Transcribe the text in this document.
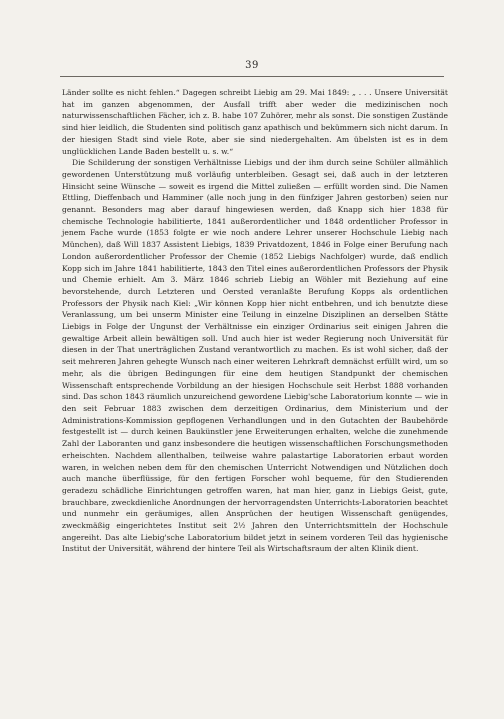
39

Länder sollte es nicht fehlen.“ Dagegen schreibt Liebig am 29. Mai 1849: „ . . . Unsere Universität hat im ganzen abgenommen, der Ausfall trifft aber weder die medizinischen noch naturwissenschaftlichen Fächer, ich z. B. habe 107 Zuhörer, mehr als sonst. Die sonstigen Zustände sind hier leidlich, die Studenten sind politisch ganz apathisch und bekümmern sich nicht darum. In der hiesigen Stadt sind viele Rote, aber sie sind niedergehalten. Am übelsten ist es in dem unglücklichen Lande Baden bestellt u. s. w.“

Die Schilderung der sonstigen Verhältnisse Liebigs und der ihm durch seine Schüler allmählich gewordenen Unterstützung muß vorläufig unterbleiben. Gesagt sei, daß auch in der letzteren Hinsicht seine Wünsche — soweit es irgend die Mittel zuließen — erfüllt worden sind. Die Namen Ettling, Dieffenbach und Hamminer (alle noch jung in den fünfziger Jahren gestorben) seien nur genannt. Besonders mag aber darauf hingewiesen werden, daß Knapp sich hier 1838 für chemische Technologie habilitierte, 1841 außerordentlicher und 1848 ordentlicher Professor in jenem Fache wurde (1853 folgte er wie noch andere Lehrer unserer Hochschule Liebig nach München), daß Will 1837 Assistent Liebigs, 1839 Privatdozent, 1846 in Folge einer Berufung nach London außerordentlicher Professor der Chemie (1852 Liebigs Nachfolger) wurde, daß endlich Kopp sich im Jahre 1841 habilitierte, 1843 den Titel eines außerordentlichen Professors der Physik und Chemie erhielt. Am 3. März 1846 schrieb Liebig an Wöhler mit Beziehung auf eine bevorstehende, durch Letzteren und Oersted veranlaßte Berufung Kopps als ordentlichen Professors der Physik nach Kiel: „Wir können Kopp hier nicht entbehren, und ich benutzte diese Veranlassung, um bei unserm Minister eine Teilung in einzelne Disziplinen an derselben Stätte Liebigs in Folge der Ungunst der Verhältnisse ein einziger Ordinarius seit einigen Jahren die gewaltige Arbeit allein bewältigen soll. Und auch hier ist weder Regierung noch Universität für diesen in der That unerträglichen Zustand verantwortlich zu machen. Es ist wohl sicher, daß der seit mehreren Jahren gehegte Wunsch nach einer weiteren Lehrkraft demnächst erfüllt wird, um so mehr, als die übrigen Bedingungen für eine dem heutigen Standpunkt der chemischen Wissenschaft entsprechende Vorbildung an der hiesigen Hochschule seit Herbst 1888 vorhanden sind. Das schon 1843 räumlich unzureichend gewordene Liebig'sche Laboratorium konnte — wie in den seit Februar 1883 zwischen dem derzeitigen Ordinarius, dem Ministerium und der Administrations-Kommission gepflogenen Verhandlungen und in den Gutachten der Baubehörde festgestellt ist — durch keinen Baukünstler jene Erweiterungen erhalten, welche die zunehmende Zahl der Laboranten und ganz insbesondere die heutigen wissenschaftlichen Forschungsmethoden erheischten. Nachdem allenthalben, teilweise wahre palastartige Laboratorien erbaut worden waren, in welchen neben dem für den chemischen Unterricht Notwendigen und Nützlichen doch auch manche überflüssige, für den fertigen Forscher wohl bequeme, für den Studierenden geradezu schädliche Einrichtungen getroffen waren, hat man hier, ganz in Liebigs Geist, gute, brauchbare, zweckdienliche Anordnungen der hervorragendsten Unterrichts-Laboratorien beachtet und nunmehr ein geräumiges, allen Ansprüchen der heutigen Wissenschaft genügendes, zweckmäßig eingerichtetes Institut seit 2½ Jahren den Unterrichtsmitteln der Hochschule angereiht. Das alte Liebig'sche Laboratorium bildet jetzt in seinem vorderen Teil das hygienische Institut der Universität, während der hintere Teil als Wirtschaftsraum der alten Klinik dient.
